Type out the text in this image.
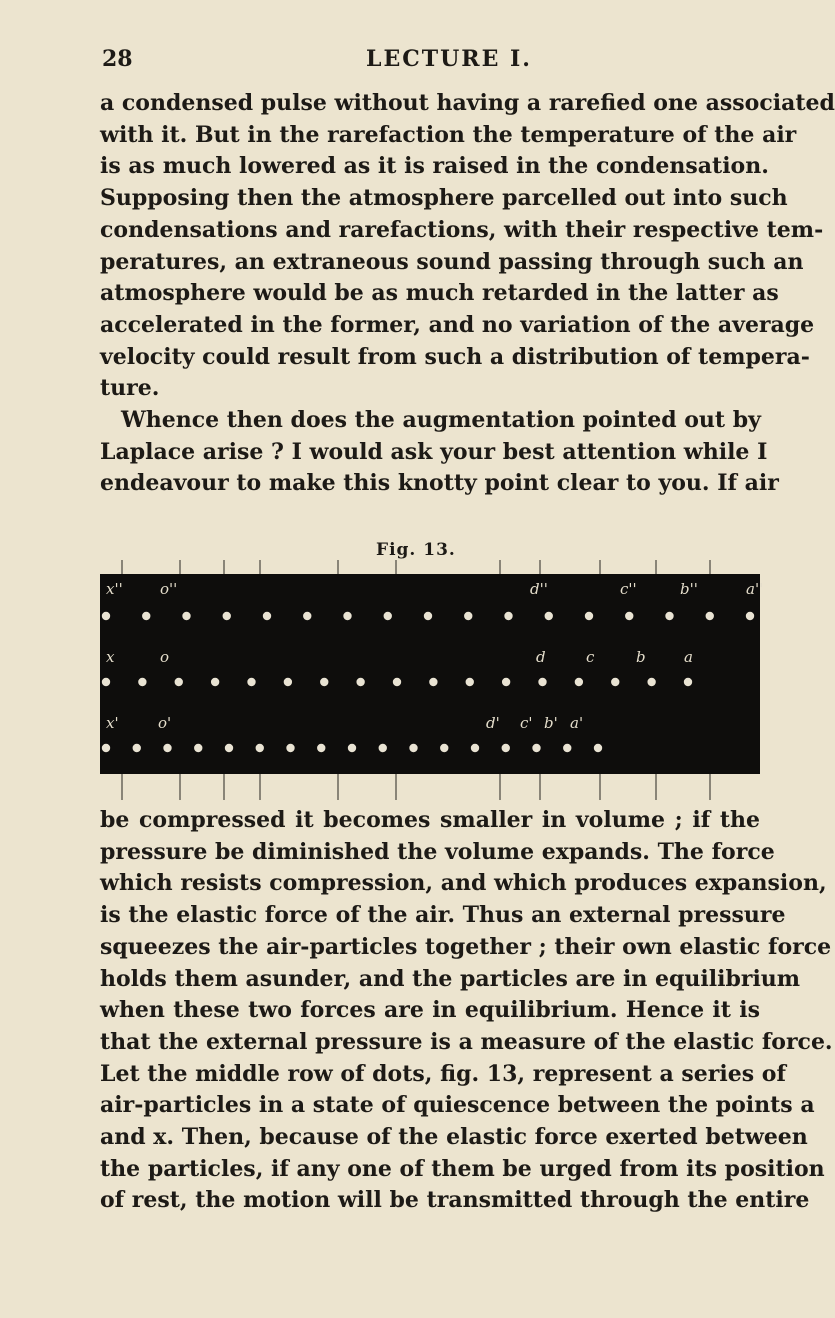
28	LECTURE I.
a condensed pulse without having a rarefied one associated
with it. But in the rarefaction the temperature of the air
is as much lowered as it is raised in the condensation.
Supposing then the atmosphere parcelled out into such
condensations and rarefactions, with their respective tem-
peratures, an extraneous sound passing through such an
atmosphere would be as much retarded in the latter as
accelerated in the former, and no variation of the average
velocity could result from such a distribution of tempera-
ture.
Whence then does the augmentation pointed out by
Laplace arise ? I would ask your best attention while I
endeavour to make this knotty point clear to you. If air
Fig. 13.
x'' o''	d''	c''	b''	a''
x	o	d	c	b	a
x'	o'	d' c' b' a'
be compressed it becomes smaller in volume ; if the
pressure be diminished the volume expands. The force
which resists compression, and which produces expansion,
is the elastic force of the air. Thus an external pressure
squeezes the air-particles together ; their own elastic force
holds them asunder, and the particles are in equilibrium
when these two forces are in equilibrium. Hence it is
that the external pressure is a measure of the elastic force.
Let the middle row of dots, fig. 13, represent a series of
air-particles in a state of quiescence between the points a
and x. Then, because of the elastic force exerted between
the particles, if any one of them be urged from its position
of rest, the motion will be transmitted through the entire
